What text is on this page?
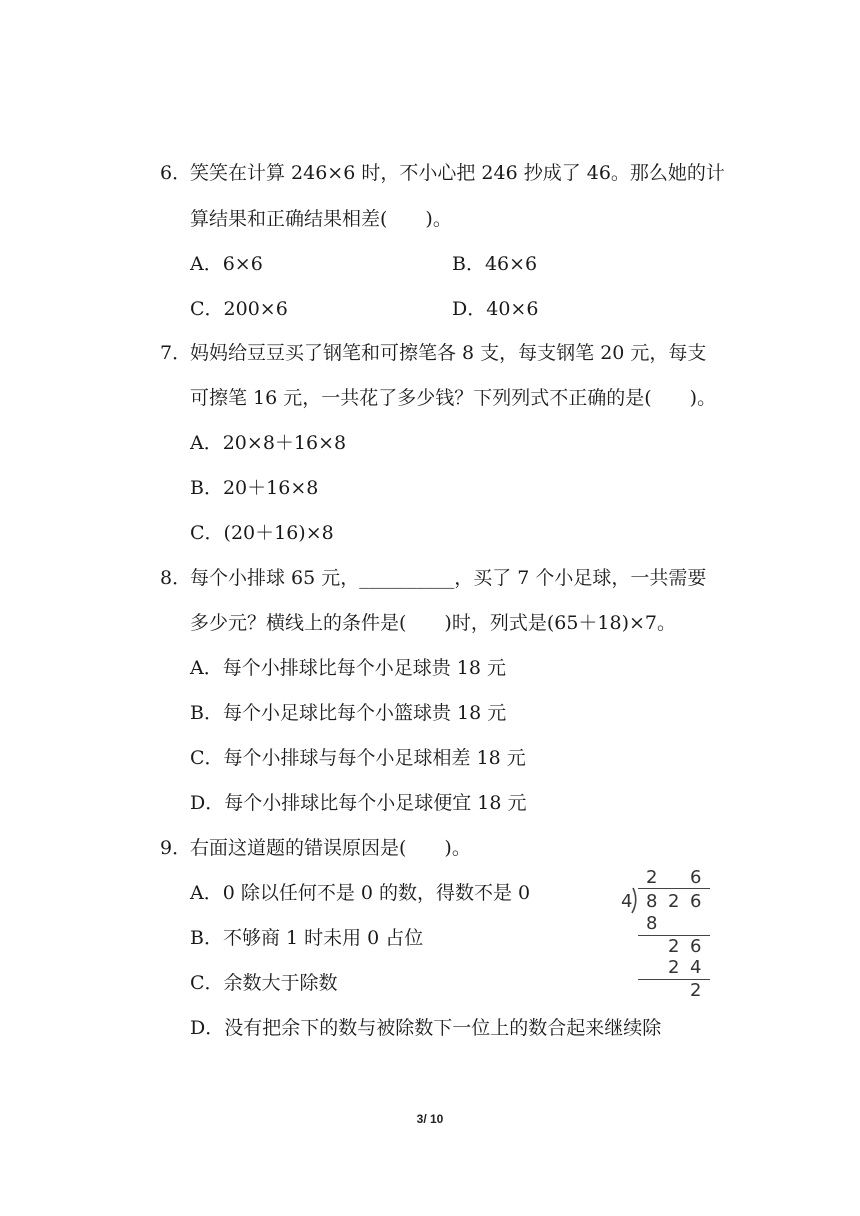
6．
笑笑在计算 246×6 时，不小心把 246 抄成了 46。那么她的计
算结果和正确结果相差(　　)。
A．6×6	B．46×6
C．200×6	D．40×6
7．
妈妈给豆豆买了钢笔和可擦笔各 8 支，每支钢笔 20 元，每支
可擦笔 16 元，一共花了多少钱？下列列式不正确的是(　　)。
A．20×8＋16×8
B．20＋16×8
C．(20＋16)×8
8．
每个小排球 65 元，__________，买了 7 个小足球，一共需要
多少元？横线上的条件是(　　)时，列式是(65＋18)×7。
A．每个小排球比每个小足球贵 18 元
B．每个小足球比每个小篮球贵 18 元
C．每个小排球与每个小足球相差 18 元
D．每个小排球比每个小足球便宜 18 元
9．
右面这道题的错误原因是(　　)。
A．0 除以任何不是 0 的数，得数不是 0
B．不够商 1 时未用 0 占位
C．余数大于除数
D．没有把余下的数与被除数下一位上的数合起来继续除
2 6
4 8 2 6
8
2 6
2 4
2
3/ 10
